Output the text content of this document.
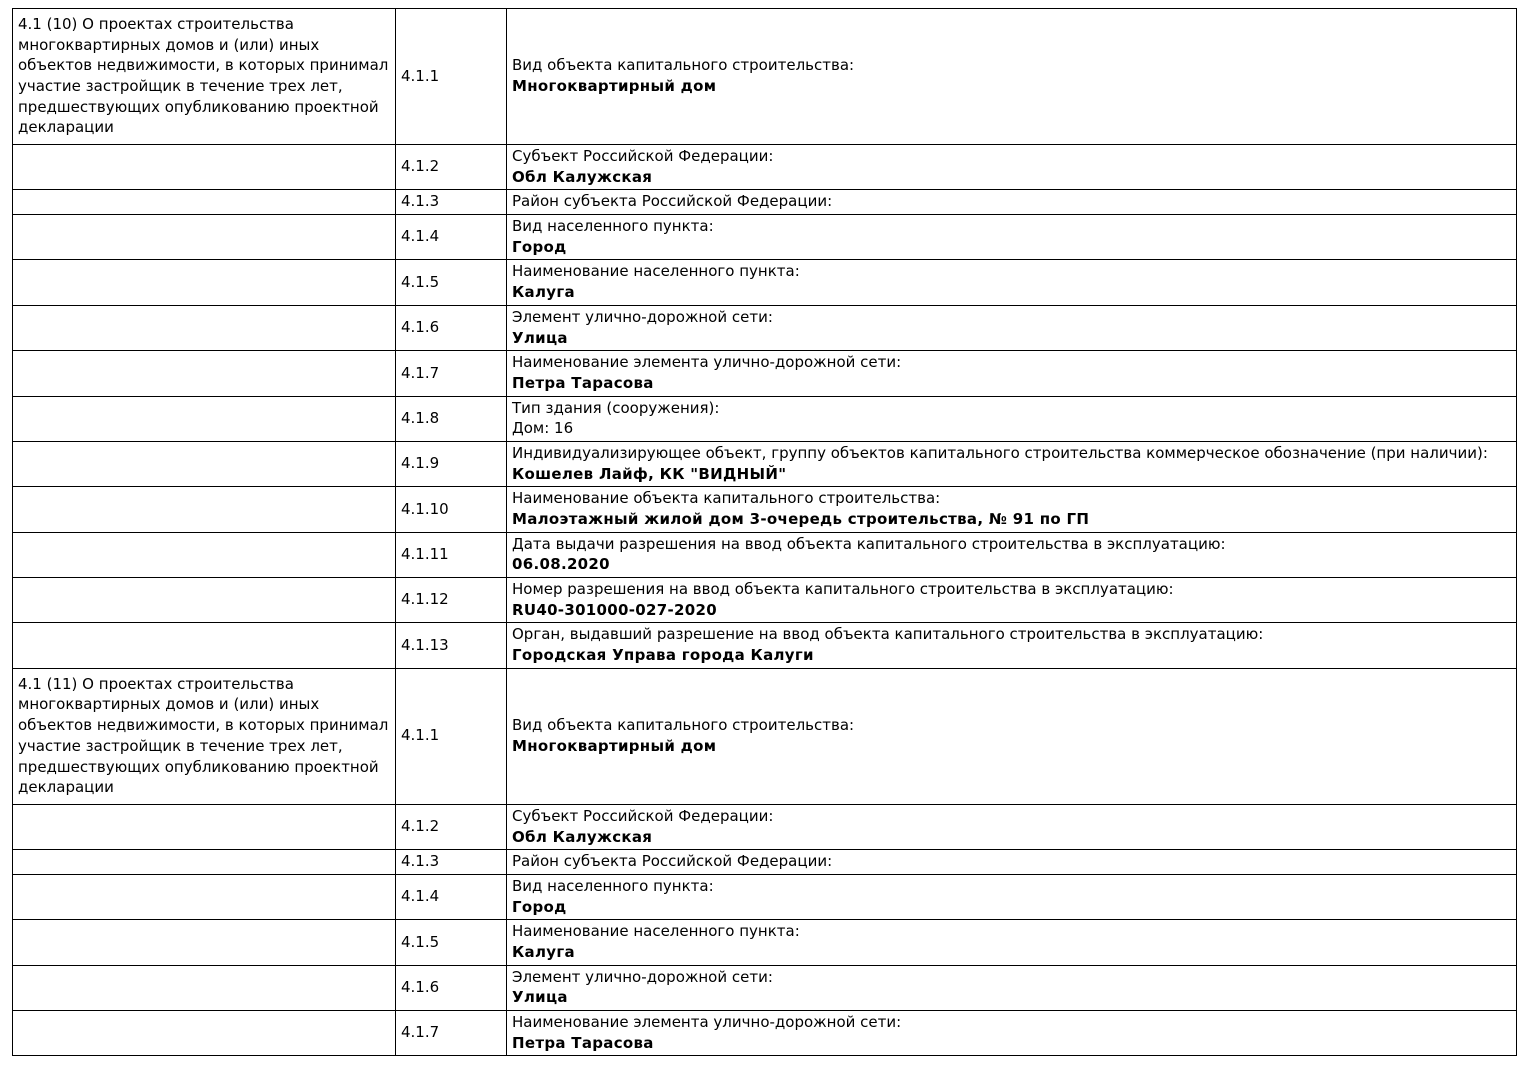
4.1 (10) О проектах строительства многоквартирных домов и (или) иных объектов недвижимости, в которых принимал участие застройщик в течение трех лет, предшествующих опубликованию проектной декларации	4.1.1	Вид объекта капитального строительства:
Многоквартирный дом

	4.1.2	Субъект Российской Федерации:
Обл Калужская

	4.1.3	Район субъекта Российской Федерации:

	4.1.4	Вид населенного пункта:
Город

	4.1.5	Наименование населенного пункта:
Калуга

	4.1.6	Элемент улично-дорожной сети:
Улица

	4.1.7	Наименование элемента улично-дорожной сети:
Петра Тарасова

	4.1.8	Тип здания (сооружения):
Дом: 16

	4.1.9	Индивидуализирующее объект, группу объектов капитального строительства коммерческое обозначение (при наличии):
Кошелев Лайф, КК "ВИДНЫЙ"

	4.1.10	Наименование объекта капитального строительства:
Малоэтажный жилой дом 3-очередь строительства, № 91 по ГП

	4.1.11	Дата выдачи разрешения на ввод объекта капитального строительства в эксплуатацию:
06.08.2020

	4.1.12	Номер разрешения на ввод объекта капитального строительства в эксплуатацию:
RU40-301000-027-2020

	4.1.13	Орган, выдавший разрешение на ввод объекта капитального строительства в эксплуатацию:
Городская Управа города Калуги

4.1 (11) О проектах строительства многоквартирных домов и (или) иных объектов недвижимости, в которых принимал участие застройщик в течение трех лет, предшествующих опубликованию проектной декларации	4.1.1	Вид объекта капитального строительства:
Многоквартирный дом

	4.1.2	Субъект Российской Федерации:
Обл Калужская

	4.1.3	Район субъекта Российской Федерации:

	4.1.4	Вид населенного пункта:
Город

	4.1.5	Наименование населенного пункта:
Калуга

	4.1.6	Элемент улично-дорожной сети:
Улица

	4.1.7	Наименование элемента улично-дорожной сети:
Петра Тарасова
